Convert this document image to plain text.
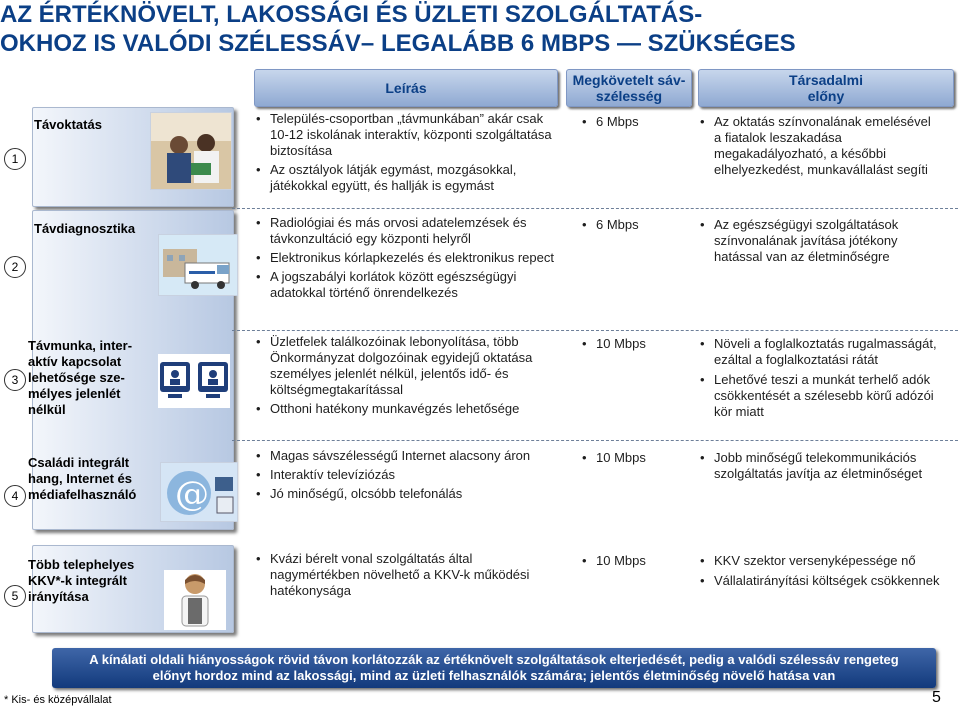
AZ ÉRTÉKNÖVELT, LAKOSSÁGI ÉS ÜZLETI SZOLGÁLTATÁS-
OKHOZ IS VALÓDI SZÉLESSÁV– LEGALÁBB 6 MBPS — SZÜKSÉGES
Leírás	Megkövetelt sáv-
szélesség
Társadalmi
előny
1
2
3
4
5
Távoktatás
Távdiagnosztika
Távmunka, inter-
aktív kapcsolat
lehetősége sze-
mélyes jelenlét
nélkül
Családi integrált
hang, Internet és
médiafelhasználó
Több telephelyes
KKV*-k integrált
irányítása
@
• Település-csoportban „távmunkában” akár csak 10-12 iskolának interaktív, központi szolgáltatása biztosítása
• Az osztályok látják egymást, mozgásokkal, játékokkal együtt, és hallják is egymást
• Radiológiai és más orvosi adatelemzések és távkonzultáció egy központi helyről
• Elektronikus kórlapkezelés és elektronikus repect
• A jogszabályi korlátok között egészségügyi adatokkal történő önrendelkezés
• Üzletfelek találkozóinak lebonyolítása, több Önkormányzat dolgozóinak egyidejű oktatása személyes jelenlét nélkül, jelentős idő- és költségmegtakarítással
• Otthoni hatékony munkavégzés lehetősége
• Magas sávszélességű Internet alacsony áron
• Interaktív televíziózás
• Jó minőségű, olcsóbb telefonálás
• Kvázi bérelt vonal szolgáltatás által nagymértékben növelhető a KKV-k működési hatékonysága
• 6 Mbps
• 6 Mbps
• 10 Mbps
• 10 Mbps
• 10 Mbps
• Az oktatás színvonalának emelésével a fiatalok leszakadása megakadályozható, a későbbi elhelyezkedést, munkavállalást segíti
• Az egészségügyi szolgáltatások színvonalának javítása jótékony hatással van az életminőségre
• Növeli a foglalkoztatás rugalmasságát, ezáltal a foglalkoztatási rátát
• Lehetővé teszi a munkát terhelő adók csökkentését a szélesebb körű adózói kör miatt
• Jobb minőségű telekommunikációs szolgáltatás javítja az életminőséget
• KKV szektor versenyképessége nő
• Vállalatirányítási költségek csökkennek
A kínálati oldali hiányosságok rövid távon korlátozzák az értéknövelt szolgáltatások elterjedését, pedig a valódi szélessáv rengeteg
előnyt hordoz mind az lakossági, mind az üzleti felhasználók számára; jelentős életminőség növelő hatása van
* Kis- és középvállalat	5
